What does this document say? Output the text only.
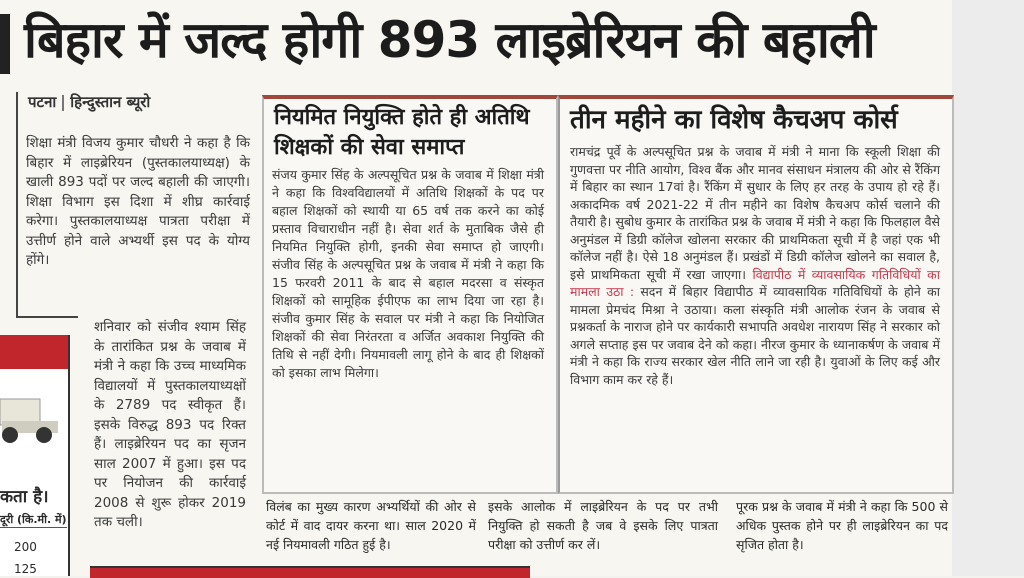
बिहार में जल्द होगी 893 लाइब्रेरियन की बहाली
पटना हिन्दुस्तान ब्यूरो
शिक्षा मंत्री विजय कुमार चौधरी ने कहा है कि बिहार में लाइब्रेरियन (पुस्तकालयाध्यक्ष) के खाली 893 पदों पर जल्द बहाली की जाएगी। शिक्षा विभाग इस दिशा में शीघ्र कार्रवाई करेगा। पुस्तकालयाध्यक्ष पात्रता परीक्षा में उत्तीर्ण होने वाले अभ्यर्थी इस पद के योग्य होंगे।
शनिवार को संजीव श्याम सिंह के तारांकित प्रश्न के जवाब में मंत्री ने कहा कि उच्च माध्यमिक विद्यालयों में पुस्तकालयाध्यक्षों के 2789 पद स्वीकृत हैं। इसके विरुद्ध 893 पद रिक्त हैं। लाइब्रेरियन पद का सृजन साल 2007 में हुआ। इस पद पर नियोजन की कार्रवाई 2008 से शुरू होकर 2019 तक चली।
कता है।
दूरी (कि.मी. में)
200
125
नियमित नियुक्ति होते ही अतिथि शिक्षकों की सेवा समाप्त
संजय कुमार सिंह के अल्पसूचित प्रश्न के जवाब में शिक्षा मंत्री ने कहा कि विश्वविद्यालयों में अतिथि शिक्षकों के पद पर बहाल शिक्षकों को स्थायी या 65 वर्ष तक करने का कोई प्रस्ताव विचाराधीन नहीं है। सेवा शर्त के मुताबिक जैसे ही नियमित नियुक्ति होगी, इनकी सेवा समाप्त हो जाएगी। संजीव सिंह के अल्पसूचित प्रश्न के जवाब में मंत्री ने कहा कि 15 फरवरी 2011 के बाद से बहाल मदरसा व संस्कृत शिक्षकों को सामूहिक ईपीएफ का लाभ दिया जा रहा है। संजीव कुमार सिंह के सवाल पर मंत्री ने कहा कि नियोजित शिक्षकों की सेवा निरंतरता व अर्जित अवकाश नियुक्ति की तिथि से नहीं देगी। नियमावली लागू होने के बाद ही शिक्षकों को इसका लाभ मिलेगा।
तीन महीने का विशेष कैचअप कोर्स
रामचंद्र पूर्वे के अल्पसूचित प्रश्न के जवाब में मंत्री ने माना कि स्कूली शिक्षा की गुणवत्ता पर नीति आयोग, विश्व बैंक और मानव संसाधन मंत्रालय की ओर से रैंकिंग में बिहार का स्थान 17वां है। रैंकिंग में सुधार के लिए हर तरह के उपाय हो रहे हैं। अकादमिक वर्ष 2021-22 में तीन महीने का विशेष कैचअप कोर्स चलाने की तैयारी है। सुबोध कुमार के तारांकित प्रश्न के जवाब में मंत्री ने कहा कि फिलहाल वैसे अनुमंडल में डिग्री कॉलेज खोलना सरकार की प्राथमिकता सूची में है जहां एक भी कॉलेज नहीं है। ऐसे 18 अनुमंडल हैं। प्रखंडों में डिग्री कॉलेज खोलने का सवाल है, इसे प्राथमिकता सूची में रखा जाएगा। विद्यापीठ में व्यावसायिक गतिविधियों का मामला उठा : सदन में बिहार विद्यापीठ में व्यावसायिक गतिविधियों के होने का मामला प्रेमचंद मिश्रा ने उठाया। कला संस्कृति मंत्री आलोक रंजन के जवाब से प्रश्नकर्ता के नाराज होने पर कार्यकारी सभापति अवधेश नारायण सिंह ने सरकार को अगले सप्ताह इस पर जवाब देने को कहा। नीरज कुमार के ध्यानाकर्षण के जवाब में मंत्री ने कहा कि राज्य सरकार खेल नीति लाने जा रही है। युवाओं के लिए कई और विभाग काम कर रहे हैं।
विलंब का मुख्य कारण अभ्यर्थियों की ओर से कोर्ट में वाद दायर करना था। साल 2020 में नई नियमावली गठित हुई है।
इसके आलोक में लाइब्रेरियन के पद पर तभी नियुक्ति हो सकती है जब वे इसके लिए पात्रता परीक्षा को उत्तीर्ण कर लें।
पूरक प्रश्न के जवाब में मंत्री ने कहा कि 500 से अधिक पुस्तक होने पर ही लाइब्रेरियन का पद सृजित होता है।
